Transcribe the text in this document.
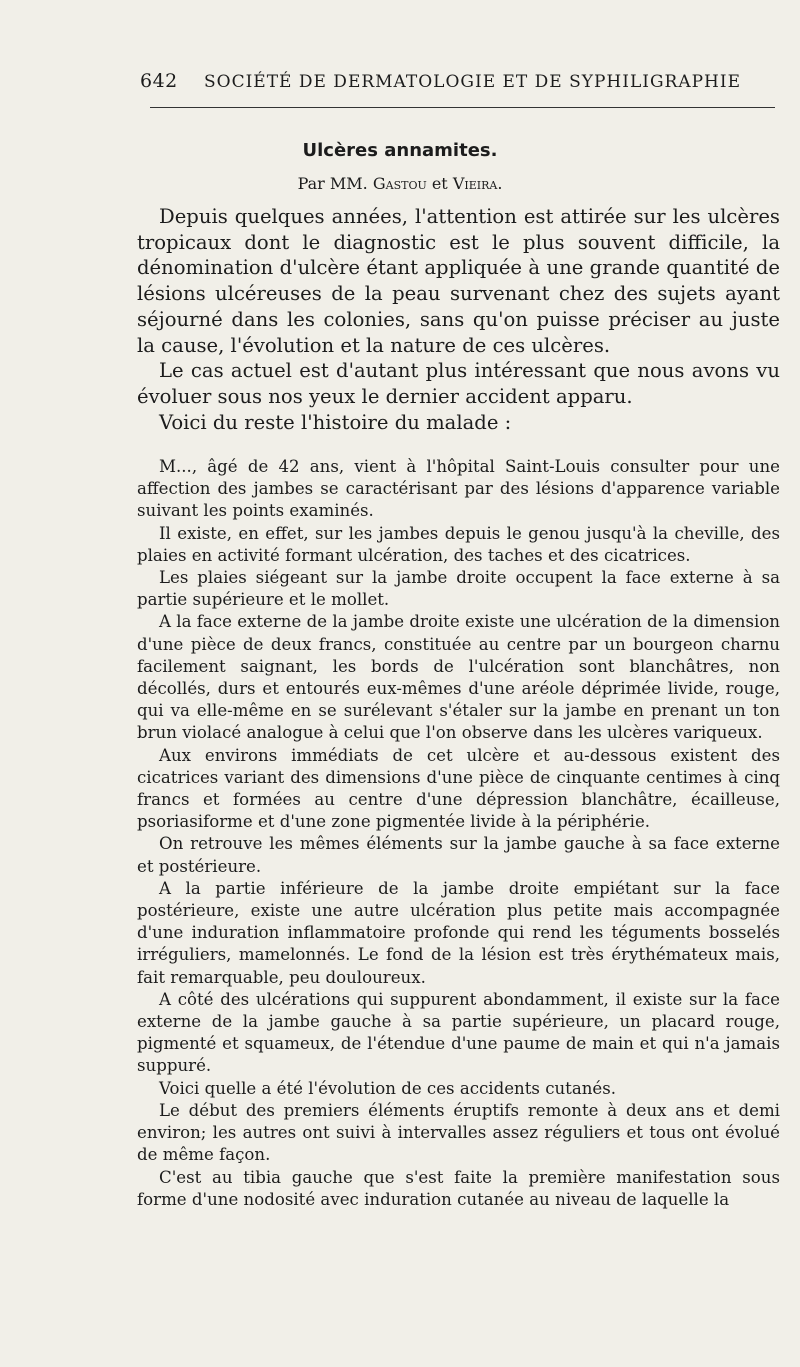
642 SOCIÉTÉ DE DERMATOLOGIE ET DE SYPHILIGRAPHIE
Ulcères annamites.
Par MM. Gastou et Vieira.

Depuis quelques années, l'attention est attirée sur les ulcères tropicaux dont le diagnostic est le plus souvent difficile, la dénomination d'ulcère étant appliquée à une grande quantité de lésions ulcéreuses de la peau survenant chez des sujets ayant séjourné dans les colonies, sans qu'on puisse préciser au juste la cause, l'évolution et la nature de ces ulcères.

Le cas actuel est d'autant plus intéressant que nous avons vu évoluer sous nos yeux le dernier accident apparu.

Voici du reste l'histoire du malade :

M..., âgé de 42 ans, vient à l'hôpital Saint-Louis consulter pour une affection des jambes se caractérisant par des lésions d'apparence variable suivant les points examinés.

Il existe, en effet, sur les jambes depuis le genou jusqu'à la cheville, des plaies en activité formant ulcération, des taches et des cicatrices.

Les plaies siégeant sur la jambe droite occupent la face externe à sa partie supérieure et le mollet.

A la face externe de la jambe droite existe une ulcération de la dimension d'une pièce de deux francs, constituée au centre par un bourgeon charnu facilement saignant, les bords de l'ulcération sont blanchâtres, non décollés, durs et entourés eux-mêmes d'une aréole déprimée livide, rouge, qui va elle-même en se surélevant s'étaler sur la jambe en prenant un ton brun violacé analogue à celui que l'on observe dans les ulcères variqueux.

Aux environs immédiats de cet ulcère et au-dessous existent des cicatrices variant des dimensions d'une pièce de cinquante centimes à cinq francs et formées au centre d'une dépression blanchâtre, écailleuse, psoriasiforme et d'une zone pigmentée livide à la périphérie.

On retrouve les mêmes éléments sur la jambe gauche à sa face externe et postérieure.

A la partie inférieure de la jambe droite empiétant sur la face postérieure, existe une autre ulcération plus petite mais accompagnée d'une induration inflammatoire profonde qui rend les téguments bosselés irréguliers, mamelonnés. Le fond de la lésion est très érythémateux mais, fait remarquable, peu douloureux.

A côté des ulcérations qui suppurent abondamment, il existe sur la face externe de la jambe gauche à sa partie supérieure, un placard rouge, pigmenté et squameux, de l'étendue d'une paume de main et qui n'a jamais suppuré.

Voici quelle a été l'évolution de ces accidents cutanés.

Le début des premiers éléments éruptifs remonte à deux ans et demi environ; les autres ont suivi à intervalles assez réguliers et tous ont évolué de même façon.

C'est au tibia gauche que s'est faite la première manifestation sous forme d'une nodosité avec induration cutanée au niveau de laquelle la
